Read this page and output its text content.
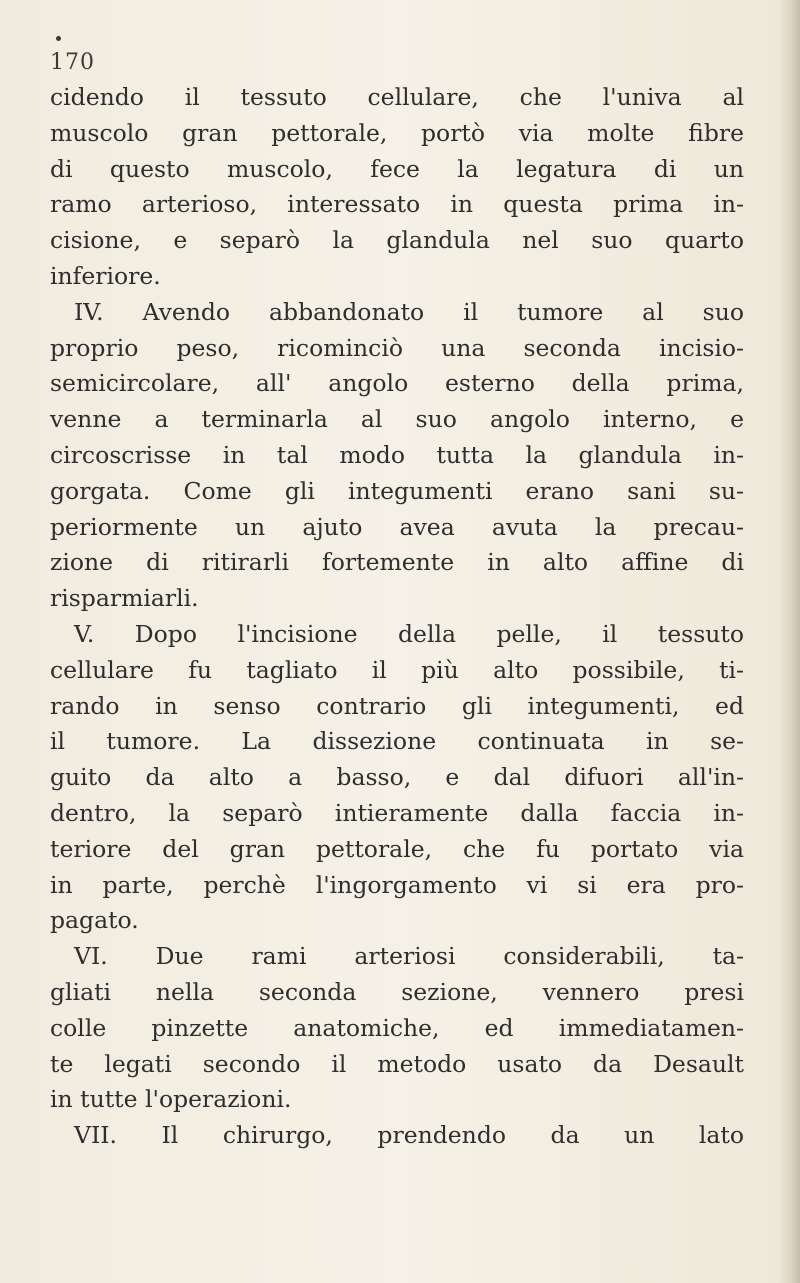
170
cidendo il tessuto cellulare, che l'univa al
muscolo gran pettorale, portò via molte fibre
di questo muscolo, fece la legatura di un
ramo arterioso, interessato in questa prima in-
cisione, e separò la glandula nel suo quarto
inferiore.
IV. Avendo abbandonato il tumore al suo
proprio peso, ricominciò una seconda incisio-
semicircolare, all' angolo esterno della prima,
venne a terminarla al suo angolo interno, e
circoscrisse in tal modo tutta la glandula in-
gorgata. Come gli integumenti erano sani su-
periormente un ajuto avea avuta la precau-
zione di ritirarli fortemente in alto affine di
risparmiarli.
V. Dopo l'incisione della pelle, il tessuto
cellulare fu tagliato il più alto possibile, ti-
rando in senso contrario gli integumenti, ed
il tumore. La dissezione continuata in se-
guito da alto a basso, e dal difuori all'in-
dentro, la separò intieramente dalla faccia in-
teriore del gran pettorale, che fu portato via
in parte, perchè l'ingorgamento vi si era pro-
pagato.
VI. Due rami arteriosi considerabili, ta-
gliati nella seconda sezione, vennero presi
colle pinzette anatomiche, ed immediatamen-
te legati secondo il metodo usato da Desault
in tutte l'operazioni.
VII. Il chirurgo, prendendo da un lato
